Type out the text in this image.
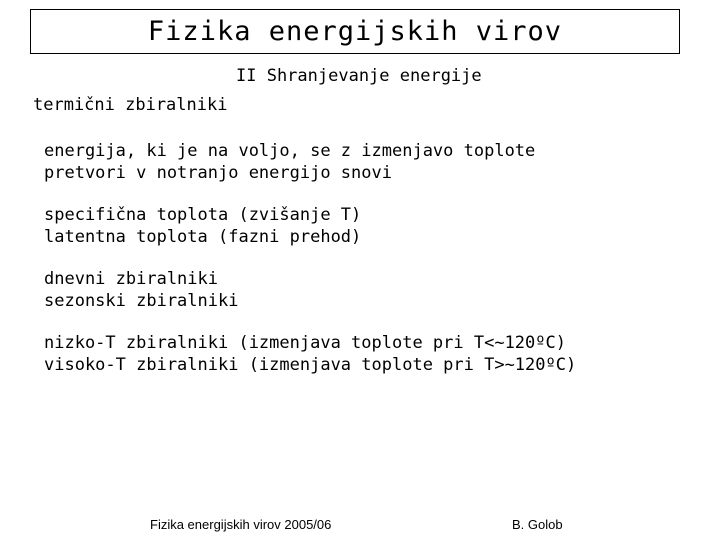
Fizika energijskih virov
II Shranjevanje energije
termični zbiralniki
energija, ki je na voljo, se z izmenjavo toplote
pretvori v notranjo energijo snovi
specifična toplota (zvišanje T)
latentna toplota (fazni prehod)
dnevni zbiralniki
sezonski zbiralniki
nizko-T zbiralniki (izmenjava toplote pri T<~120ºC)
visoko-T zbiralniki (izmenjava toplote pri T>~120ºC)
Fizika energijskih virov 2005/06	B. Golob
